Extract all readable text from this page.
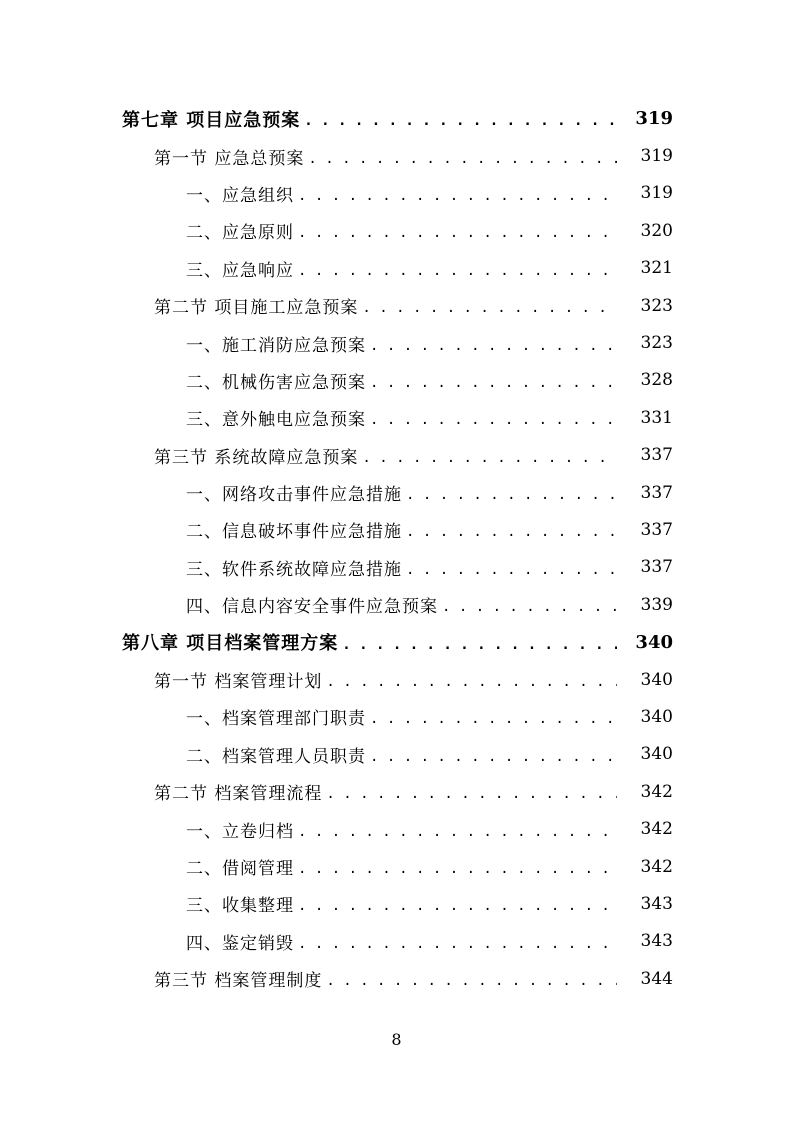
第七章 项目应急预案 . . .	319
第一节 应急总预案 . . .	319
一、应急组织 . . .	319
二、应急原则 . . .	320
三、应急响应 . . .	321
第二节 项目施工应急预案 . . .	323
一、施工消防应急预案 . . .	323
二、机械伤害应急预案 . . .	328
三、意外触电应急预案 . . .	331
第三节 系统故障应急预案 . . .	337
一、网络攻击事件应急措施 . . .	337
二、信息破坏事件应急措施 . . .	337
三、软件系统故障应急措施 . . .	337
四、信息内容安全事件应急预案 . . .	339
第八章 项目档案管理方案 . . .	340
第一节 档案管理计划 . . .	340
一、档案管理部门职责 . . .	340
二、档案管理人员职责 . . .	340
第二节 档案管理流程 . . .	342
一、立卷归档 . . .	342
二、借阅管理 . . .	342
三、收集整理 . . .	343
四、鉴定销毁 . . .	343
第三节 档案管理制度 . . .	344
8
